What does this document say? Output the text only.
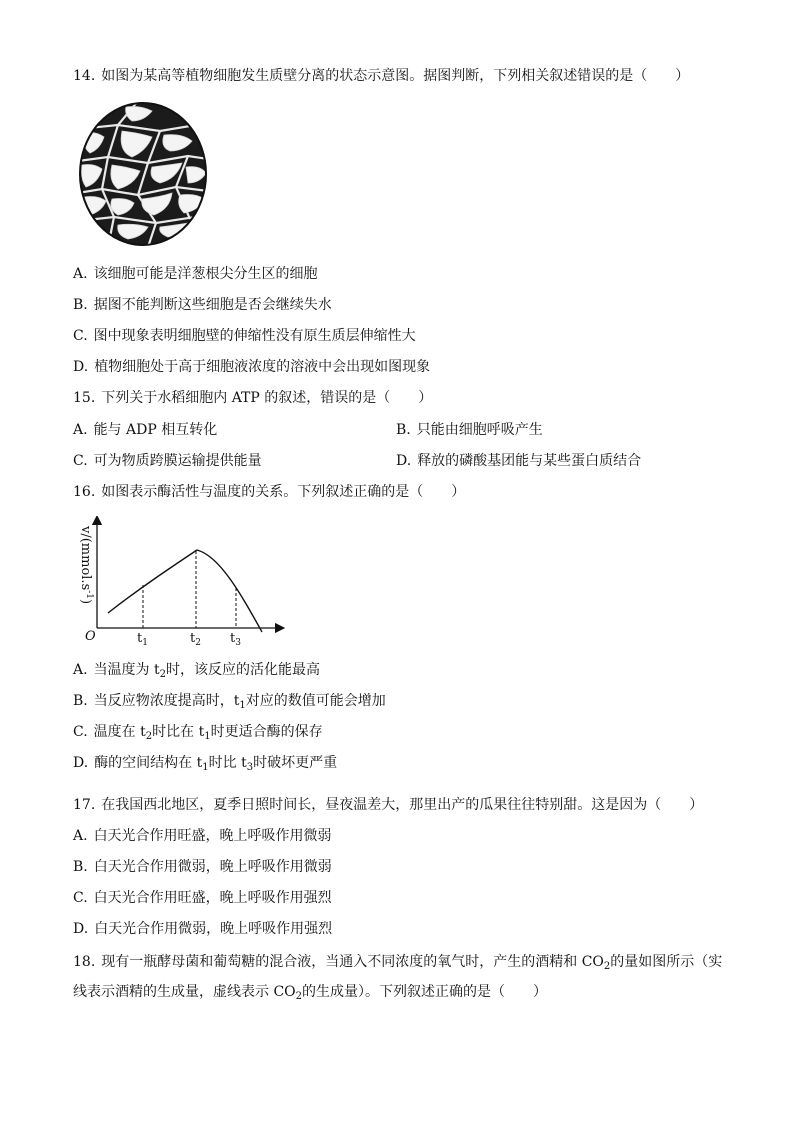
14. 如图为某高等植物细胞发生质壁分离的状态示意图。据图判断，下列相关叙述错误的是（　　）
A. 该细胞可能是洋葱根尖分生区的细胞
B. 据图不能判断这些细胞是否会继续失水
C. 图中现象表明细胞壁的伸缩性没有原生质层伸缩性大
D. 植物细胞处于高于细胞液浓度的溶液中会出现如图现象
15. 下列关于水稻细胞内 ATP 的叙述，错误的是（　　）
A. 能与 ADP 相互转化	B. 只能由细胞呼吸产生
C. 可为物质跨膜运输提供能量	D. 释放的磷酸基团能与某些蛋白质结合
16. 如图表示酶活性与温度的关系。下列叙述正确的是（　　）
$v/(mmol.s^{-1})$
O	$t_1$	$t_2$ $t_3$
A. 当温度为 $t_2$时，该反应的活化能最高
B. 当反应物浓度提高时，$t_1$对应的数值可能会增加
C. 温度在 $t_2$时比在 $t_1$时更适合酶的保存
D. 酶的空间结构在 $t_1$时比 $t_3$时破坏更严重
17. 在我国西北地区，夏季日照时间长，昼夜温差大，那里出产的瓜果往往特别甜。这是因为（　　）
A. 白天光合作用旺盛，晚上呼吸作用微弱
B. 白天光合作用微弱，晚上呼吸作用微弱
C. 白天光合作用旺盛，晚上呼吸作用强烈
D. 白天光合作用微弱，晚上呼吸作用强烈
18. 现有一瓶酵母菌和葡萄糖的混合液，当通入不同浓度的氧气时，产生的酒精和 $CO_2$的量如图所示（实
线表示酒精的生成量，虚线表示 $CO_2$的生成量）。下列叙述正确的是（　　）
